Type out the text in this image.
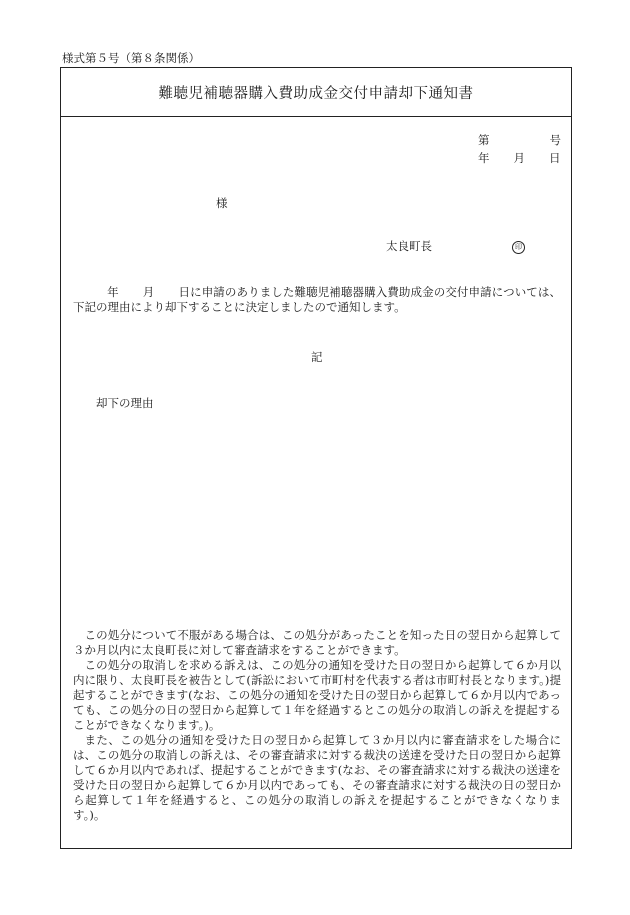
様式第５号（第８条関係）
難聴児補聴器購入費助成金交付申請却下通知書
第	号
年 月 日
様
太良町長	印
年 月 日に申請のありました難聴児補聴器購入費助成金の交付申請については、下記の理由により却下することに決定しましたので通知します。
記
却下の理由

この処分について不服がある場合は、この処分があったことを知った日の翌日から起算して３か月以内に太良町長に対して審査請求をすることができます。

この処分の取消しを求める訴えは、この処分の通知を受けた日の翌日から起算して６か月以内に限り、太良町長を被告として(訴訟において市町村を代表する者は市町村長となります。)提起することができます(なお、この処分の通知を受けた日の翌日から起算して６か月以内であっても、この処分の日の翌日から起算して１年を経過するとこの処分の取消しの訴えを提起することができなくなります。)。

また、この処分の通知を受けた日の翌日から起算して３か月以内に審査請求をした場合には、この処分の取消しの訴えは、その審査請求に対する裁決の送達を受けた日の翌日から起算して６か月以内であれば、提起することができます(なお、その審査請求に対する裁決の送達を受けた日の翌日から起算して６か月以内であっても、その審査請求に対する裁決の日の翌日から起算して１年を経過すると、この処分の取消しの訴えを提起することができなくなります。)。
